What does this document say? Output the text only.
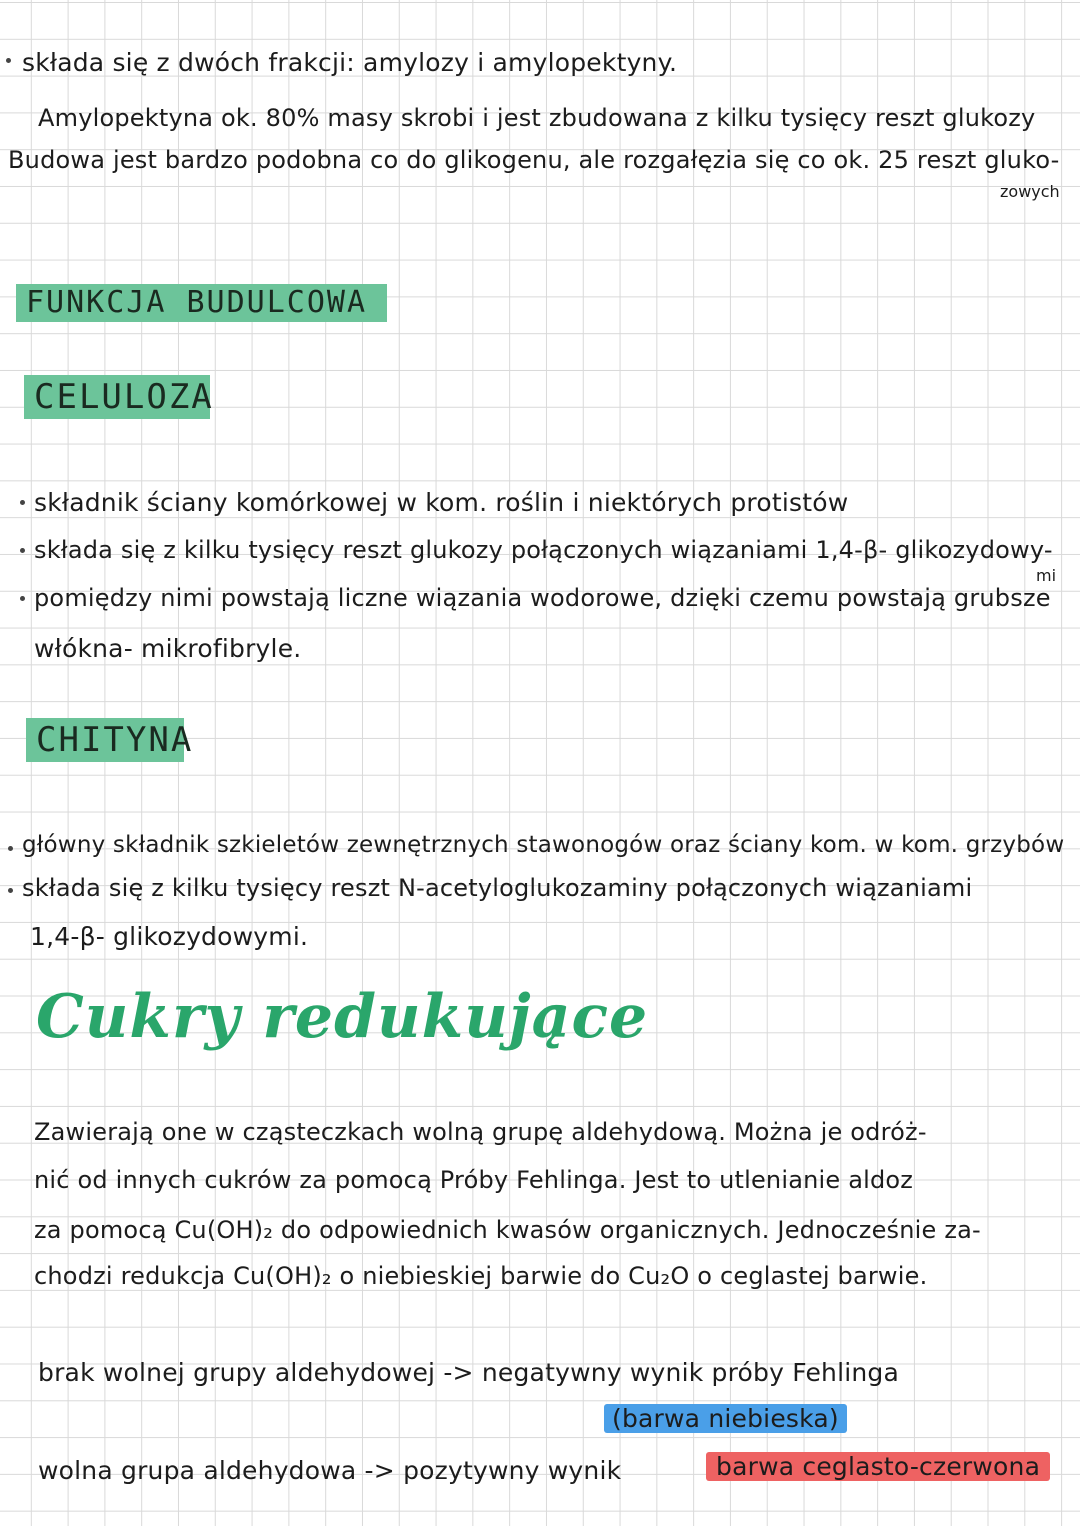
składa się z dwóch frakcji: amylozy i amylopektyny.
Amylopektyna ok. 80% masy skrobi i jest zbudowana z kilku tysięcy reszt glukozy
Budowa jest bardzo podobna co do glikogenu, ale rozgałęzia się co ok. 25 reszt gluko-
zowych
FUNKCJA BUDULCOWA
CELULOZA
składnik ściany komórkowej w kom. roślin i niektórych protistów
składa się z kilku tysięcy reszt glukozy połączonych wiązaniami 1,4-β- glikozydowy-
mi
pomiędzy nimi powstają liczne wiązania wodorowe, dzięki czemu powstają grubsze
włókna- mikrofibryle.
CHITYNA
główny składnik szkieletów zewnętrznych stawonogów oraz ściany kom. w kom. grzybów
składa się z kilku tysięcy reszt N-acetyloglukozaminy połączonych wiązaniami
1,4-β- glikozydowymi.
Cukry redukujące
Zawierają one w cząsteczkach wolną grupę aldehydową. Można je odróż-
nić od innych cukrów za pomocą Próby Fehlinga. Jest to utlenianie aldoz
za pomocą Cu(OH)₂ do odpowiednich kwasów organicznych. Jednocześnie za-
chodzi redukcja Cu(OH)₂ o niebieskiej barwie do Cu₂O o ceglastej barwie.
brak wolnej grupy aldehydowej -> negatywny wynik próby Fehlinga
(barwa niebieska)
wolna grupa aldehydowa -> pozytywny wynik	barwa ceglasto-czerwona
